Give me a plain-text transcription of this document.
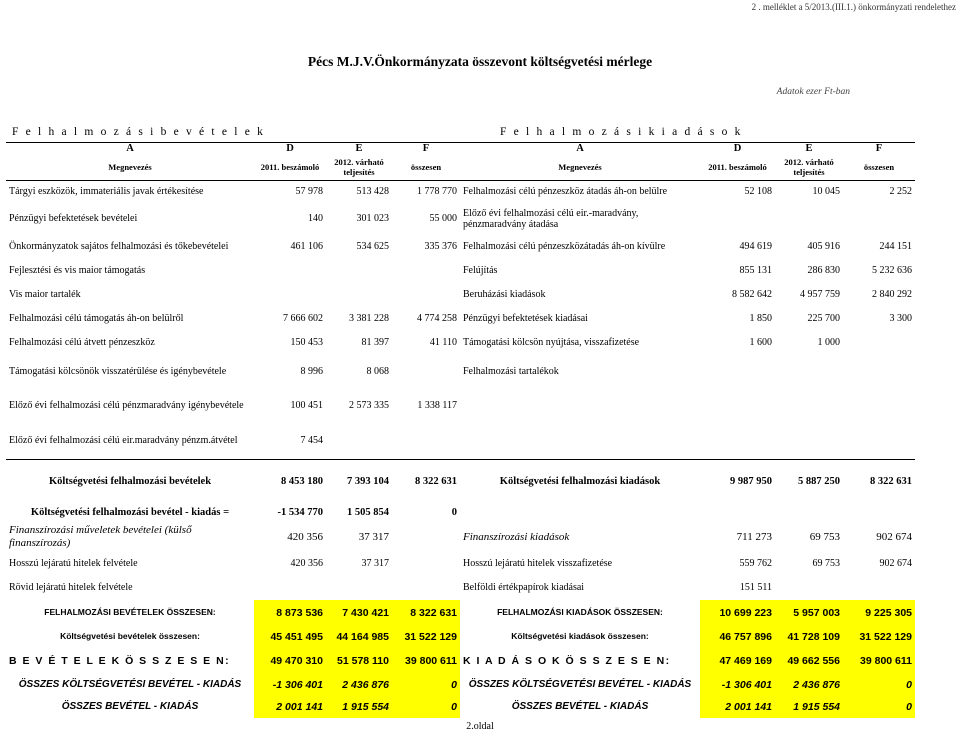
2 . melléklet a 5/2013.(III.1.) önkormányzati rendelethez
Pécs M.J.V.Önkormányzata összevont költségvetési mérlege
Adatok ezer Ft-ban
F e l h a l m o z á s i b e v é t e l e k	F e l h a l m o z á s i k i a d á s o k
A	D	E	F	A	D	E	F
Megnevezés	2011. beszámoló	2012. várható teljesítés	összesen	Megnevezés	2011. beszámoló	2012. várható teljesítés	összesen
Tárgyi eszközök, immateriális javak értékesítése	57 978	513 428	1 778 770	Felhalmozási célú pénzeszköz átadás áh-on belülre	52 108	10 045	2 252
Pénzügyi befektetések bevételei	140	301 023	55 000	Előző évi felhalmozási célú eir.-maradvány, pénzmaradvány átadása			
Önkormányzatok sajátos felhalmozási és tőkebevételei	461 106	534 625	335 376	Felhalmozási célú pénzeszközátadás áh-on kívülre	494 619	405 916	244 151
Fejlesztési és vis maior támogatás				Felújítás	855 131	286 830	5 232 636
Vis maior tartalék				Beruházási kiadások	8 582 642	4 957 759	2 840 292
Felhalmozási célú támogatás áh-on belülről	7 666 602	3 381 228	4 774 258	Pénzügyi befektetések kiadásai	1 850	225 700	3 300
Felhalmozási célú átvett pénzeszköz	150 453	81 397	41 110	Támogatási kölcsön nyújtása, visszafizetése	1 600	1 000	
Támogatási kölcsönök visszatérülése és igénybevétele	8 996	8 068		Felhalmozási tartalékok			
Előző évi felhalmozási célú pénzmaradvány igénybevétele	100 451	2 573 335	1 338 117				
Előző évi felhalmozási célú eir.maradvány pénzm.átvétel	7 454						
Költségvetési felhalmozási bevételek	8 453 180	7 393 104	8 322 631	Költségvetési felhalmozási kiadások	9 987 950	5 887 250	8 322 631
Költségvetési felhalmozási bevétel - kiadás =	-1 534 770	1 505 854	0				
Finanszírozási műveletek bevételei (külső finanszírozás)	420 356	37 317		Finanszírozási kiadások	711 273	69 753	902 674
Hosszú lejáratú hitelek felvétele	420 356	37 317		Hosszú lejáratú hitelek visszafizetése	559 762	69 753	902 674
Rövid lejáratú hitelek felvétele				Belföldi értékpapírok kiadásai	151 511		
FELHALMOZÁSI BEVÉTELEK ÖSSZESEN:	8 873 536	7 430 421	8 322 631	FELHALMOZÁSI KIADÁSOK ÖSSZESEN:	10 699 223	5 957 003	9 225 305
Költségvetési bevételek összesen:	45 451 495	44 164 985	31 522 129	Költségvetési kiadások összesen:	46 757 896	41 728 109	31 522 129
B E V É T E L E K Ö S S Z E S E N:	49 470 310	51 578 110	39 800 611	K I A D Á S O K Ö S S Z E S E N:	47 469 169	49 662 556	39 800 611
ÖSSZES KÖLTSÉGVETÉSI BEVÉTEL - KIADÁS	-1 306 401	2 436 876	0	ÖSSZES KÖLTSÉGVETÉSI BEVÉTEL - KIADÁS	-1 306 401	2 436 876	0
ÖSSZES BEVÉTEL - KIADÁS	2 001 141	1 915 554	0	ÖSSZES BEVÉTEL - KIADÁS	2 001 141	1 915 554	0
2.oldal
